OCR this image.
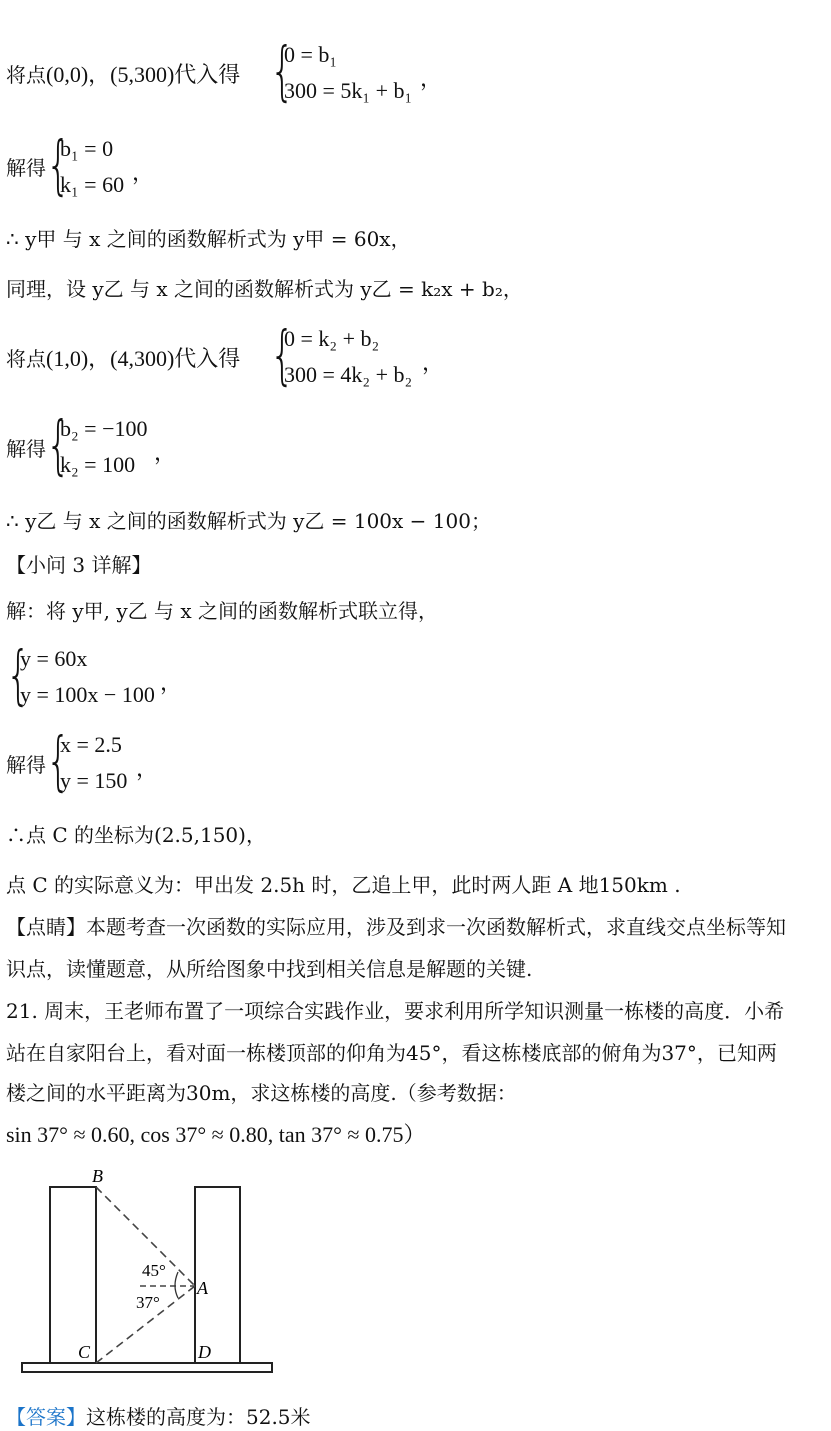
将点(0,0)，(5,300)代入得 {
0 = b₁
300 = 5k₁ + b₁ ，
解得 {
b₁ = 0
k₁ = 60 ，
∴ y甲 与 x 之间的函数解析式为 y甲 = 60x，
同理，设 y乙 与 x 之间的函数解析式为 y乙 = k₂x + b₂，
将点(1,0)，(4,300)代入得 {
0 = k₂ + b₂
300 = 4k₂ + b₂ ，
解得 {
b₂ = −100
k₂ = 100 ，
∴ y乙 与 x 之间的函数解析式为 y乙 = 100x − 100；
【小问 3 详解】
解：将 y甲, y乙 与 x 之间的函数解析式联立得，
{
y = 60x
y = 100x − 100 ，
解得 {
x = 2.5
y = 150 ，
∴点 C 的坐标为(2.5,150)，
点 C 的实际意义为：甲出发 2.5h 时，乙追上甲，此时两人距 A 地150km .
【点睛】本题考查一次函数的实际应用，涉及到求一次函数解析式，求直线交点坐标等知
识点，读懂题意，从所给图象中找到相关信息是解题的关键.
21. 周末，王老师布置了一项综合实践作业，要求利用所学知识测量一栋楼的高度．小希
站在自家阳台上，看对面一栋楼顶部的仰角为45°，看这栋楼底部的俯角为37°，已知两
楼之间的水平距离为30m，求这栋楼的高度.（参考数据：
sin 37° ≈ 0.60, cos 37° ≈ 0.80, tan 37° ≈ 0.75）
B
A
C	D
45°
37°
【答案】这栋楼的高度为：52.5米
